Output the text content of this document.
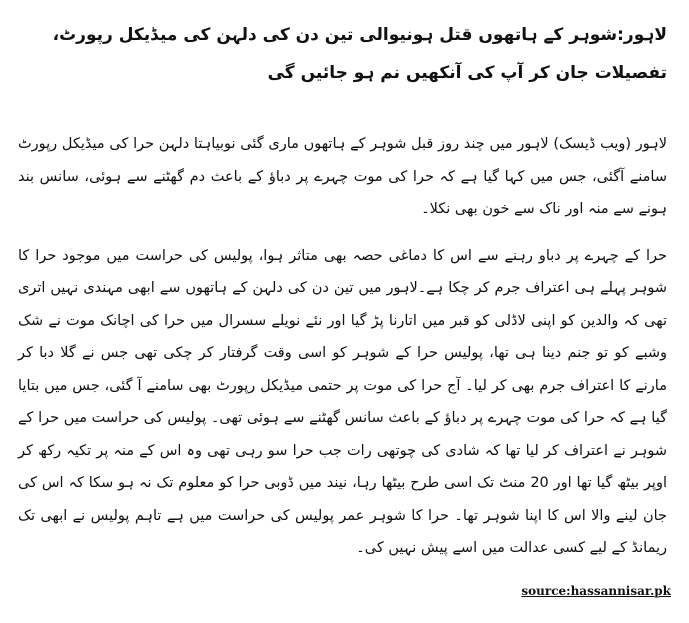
لاہور:شوہر کے ہاتھوں قتل ہونیوالی تین دن کی دلہن کی میڈیکل رپورٹ، تفصیلات جان کر آپ کی آنکھیں نم ہو جائیں گی

لاہور (ویب ڈیسک) لاہور میں چند روز قبل شوہر کے ہاتھوں ماری گئی نوبیاہتا دلہن حرا کی میڈیکل رپورٹ سامنے آگئی، جس میں کہا گیا ہے کہ حرا کی موت چہرے پر دباؤ کے باعث دم گھٹنے سے ہوئی، سانس بند ہونے سے منہ اور ناک سے خون بھی نکلا۔

حرا کے چہرے پر دباو رہنے سے اس کا دماغی حصہ بھی متاثر ہوا، پولیس کی حراست میں موجود حرا کا شوہر پہلے ہی اعتراف جرم کر چکا ہے۔لاہور میں تین دن کی دلہن کے ہاتھوں سے ابھی مہندی نہیں اتری تھی کہ والدین کو اپنی لاڈلی کو قبر میں اتارنا پڑ گیا اور نئے نویلے سسرال میں حرا کی اچانک موت نے شک وشبے کو تو جنم دینا ہی تھا، پولیس حرا کے شوہر کو اسی وقت گرفتار کر چکی تھی جس نے گلا دبا کر مارنے کا اعتراف جرم بھی کر لیا۔ آج حرا کی موت پر حتمی میڈیکل رپورٹ بھی سامنے آ گئی، جس میں بتایا گیا ہے کہ حرا کی موت چہرے پر دباؤ کے باعث سانس گھٹنے سے ہوئی تھی۔ پولیس کی حراست میں حرا کے شوہر نے اعتراف کر لیا تھا کہ شادی کی چوتھی رات جب حرا سو رہی تھی وہ اس کے منہ پر تکیہ رکھ کر اوپر بیٹھ گیا تھا اور 20 منٹ تک اسی طرح بیٹھا رہا، نیند میں ڈوبی حرا کو معلوم تک نہ ہو سکا کہ اس کی جان لینے والا اس کا اپنا شوہر تھا۔ حرا کا شوہر عمر پولیس کی حراست میں ہے تاہم پولیس نے ابھی تک ریمانڈ کے لیے کسی عدالت میں اسے پیش نہیں کی۔

source:hassannisar.pk
